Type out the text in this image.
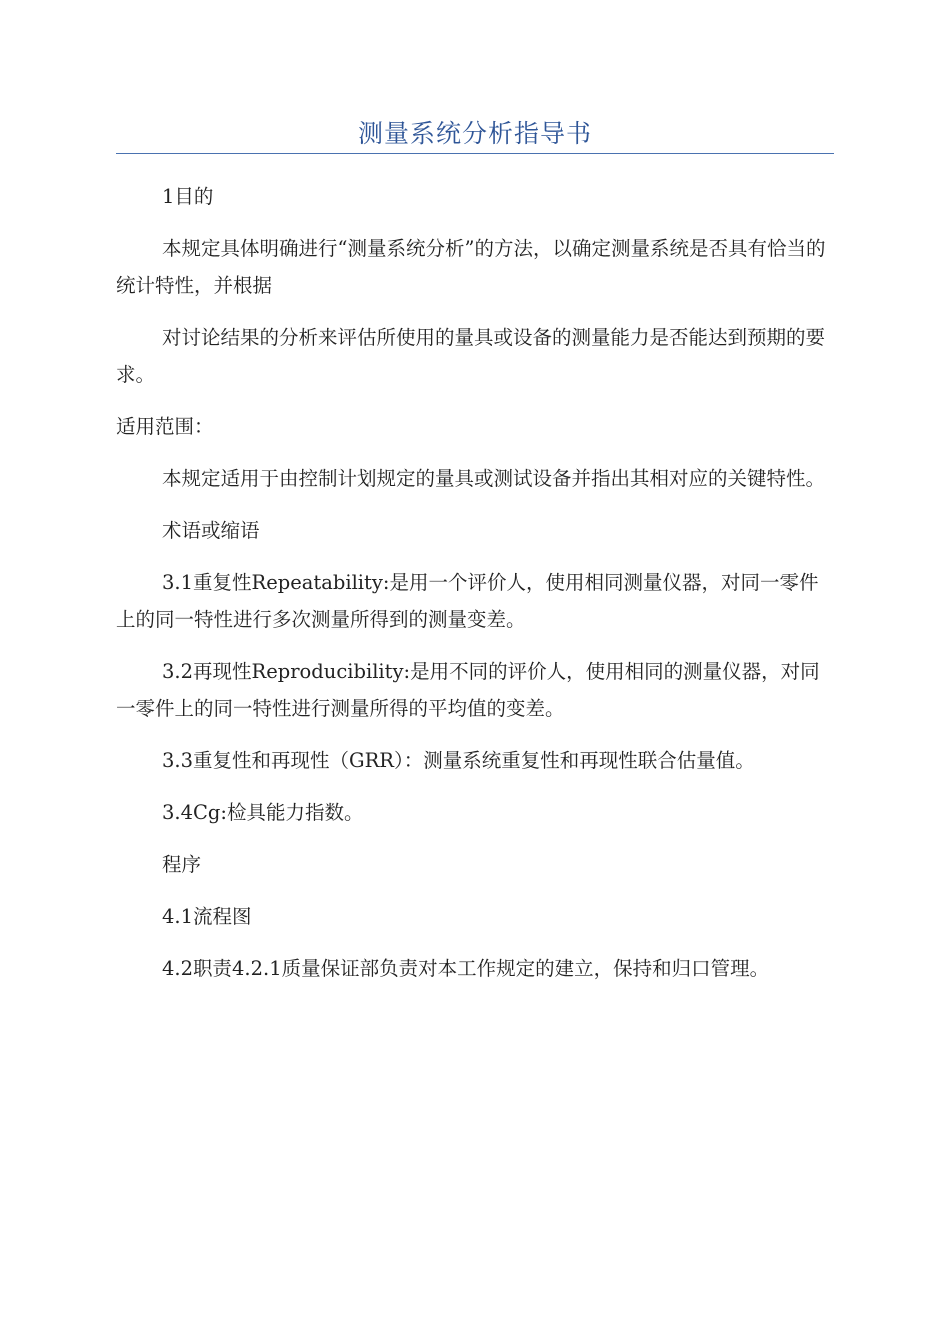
测量系统分析指导书

1目的

本规定具体明确进行“测量系统分析”的方法，以确定测量系统是否具有恰当的统计特性，并根据

对讨论结果的分析来评估所使用的量具或设备的测量能力是否能达到预期的要求。

适用范围：

本规定适用于由控制计划规定的量具或测试设备并指出其相对应的关键特性。

术语或缩语

3.1重复性Repeatability:是用一个评价人，使用相同测量仪器，对同一零件上的同一特性进行多次测量所得到的测量变差。

3.2再现性Reproducibility:是用不同的评价人，使用相同的测量仪器，对同一零件上的同一特性进行测量所得的平均值的变差。

3.3重复性和再现性（GRR）：测量系统重复性和再现性联合估量值。

3.4Cg:检具能力指数。

程序

4.1流程图

4.2职责4.2.1质量保证部负责对本工作规定的建立，保持和归口管理。
